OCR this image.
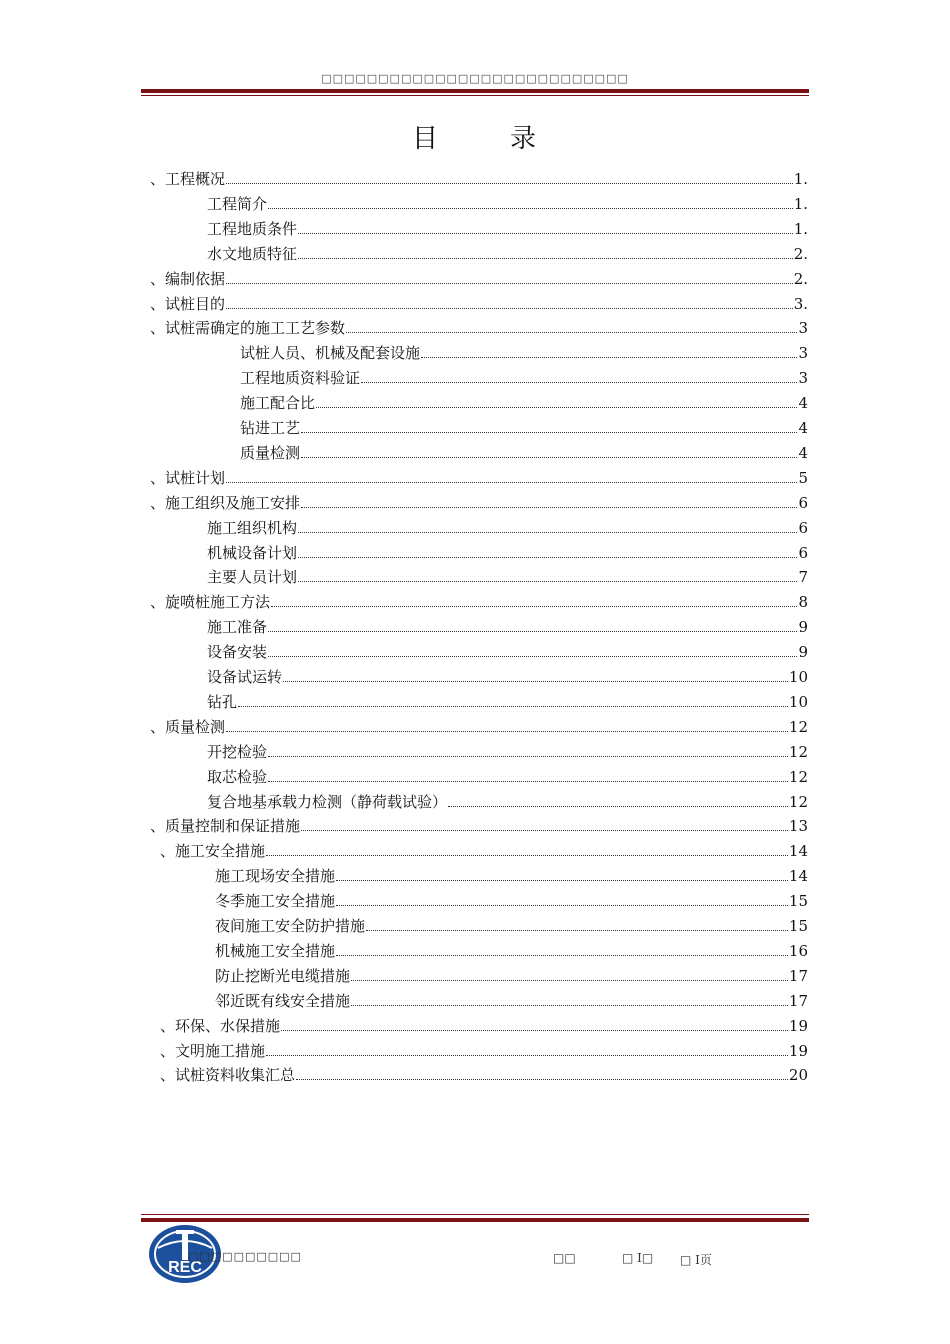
□□□□□□□□□□□□□□□□□□□□□□□□□□□
目	录
、工程概况	1.
工程简介	1.
工程地质条件	1.
水文地质特征	2.
、编制依据	2.
、试桩目的	3.
、试桩需确定的施工工艺参数	3
试桩人员、机械及配套设施	3
工程地质资料验证	3
施工配合比	4
钻进工艺	4
质量检测	4
、试桩计划	5
、施工组织及施工安排	6
施工组织机构	6
机械设备计划	6
主要人员计划	7
、旋喷桩施工方法	8
施工准备	9
设备安装	9
设备试运转	10
钻孔	10
、质量检测	12
开挖检验	12
取芯检验	12
复合地基承载力检测（静荷载试验）	12
、质量控制和保证措施	13
、施工安全措施	14
施工现场安全措施	14
冬季施工安全措施	15
夜间施工安全防护措施	15
机械施工安全措施	16
防止挖断光电缆措施	17
邻近既有线安全措施	17
、环保、水保措施	19
、文明施工措施	19
、试桩资料收集汇总	20
REC
□□□□□□□□□□	□□	□ I□ □ I页
